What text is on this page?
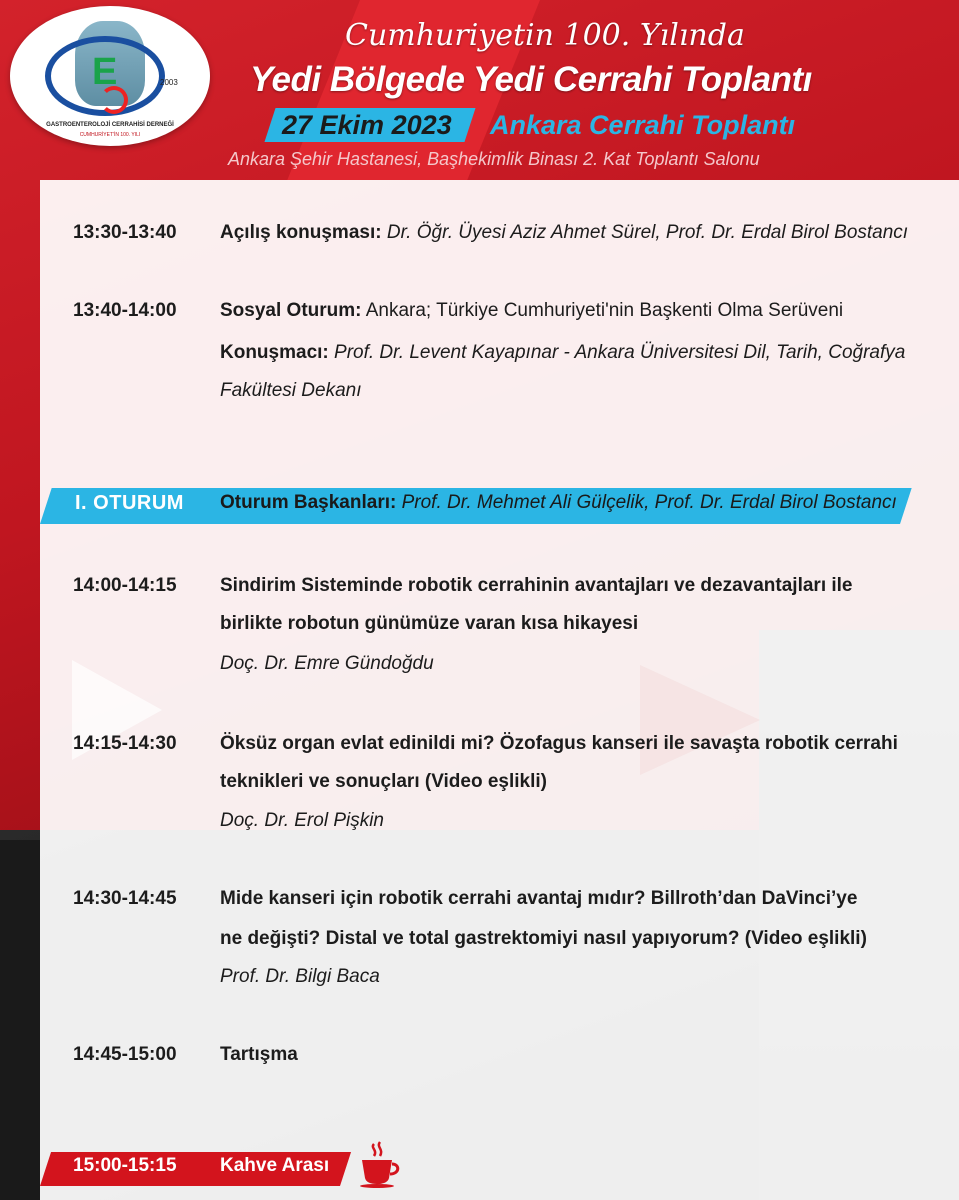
E	2003
GASTROENTEROLOJİ CERRAHİSİ DERNEĞİ
CUMHURİYET'İN 100. YILI
Cumhuriyetin 100. Yılında
Yedi Bölgede Yedi Cerrahi Toplantı
27 Ekim 2023 Ankara Cerrahi Toplantı
Ankara Şehir Hastanesi, Başhekimlik Binası 2. Kat Toplantı Salonu
13:30-13:40 Açılış konuşması: Dr. Öğr. Üyesi Aziz Ahmet Sürel, Prof. Dr. Erdal Birol Bostancı
13:40-14:00 Sosyal Oturum: Ankara; Türkiye Cumhuriyeti'nin Başkenti Olma Serüveni
Konuşmacı: Prof. Dr. Levent Kayapınar - Ankara Üniversitesi Dil, Tarih, Coğrafya
Fakültesi Dekanı
I. OTURUM Oturum Başkanları: Prof. Dr. Mehmet Ali Gülçelik, Prof. Dr. Erdal Birol Bostancı
14:00-14:15 Sindirim Sisteminde robotik cerrahinin avantajları ve dezavantajları ile
birlikte robotun günümüze varan kısa hikayesi
Doç. Dr. Emre Gündoğdu
14:15-14:30 Öksüz organ evlat edinildi mi? Özofagus kanseri ile savaşta robotik cerrahi
teknikleri ve sonuçları (Video eşlikli)
Doç. Dr. Erol Pişkin
14:30-14:45 Mide kanseri için robotik cerrahi avantaj mıdır? Billroth’dan DaVinci’ye
ne değişti? Distal ve total gastrektomiyi nasıl yapıyorum? (Video eşlikli)
Prof. Dr. Bilgi Baca
14:45-15:00 Tartışma
15:00-15:15 Kahve Arası
